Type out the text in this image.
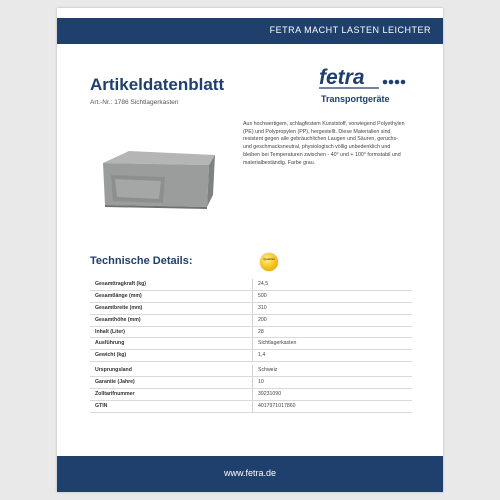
FETRA MACHT LASTEN LEICHTER
Artikeldatenblatt
Art.-Nr.: 1786 Sichtlagerkasten
fetra
Transportgeräte
Aus hochwertigem, schlagfestem Kunststoff, vorwiegend Polyethylen (PE) und Polypropylen (PP), hergestellt. Diese Materialien sind resistent gegen alle gebräuchlichen Laugen und Säuren, geruchs- und geschmacksneutral, physiologisch völlig unbedenklich und bleiben bei Temperaturen zwischen - 40° und + 100° formstabil und materialbeständig. Farbe grau.
Technische Details:	Qualität
Gesamttragkraft (kg)	24,5
Gesamtlänge (mm)	500
Gesamtbreite (mm)	310
Gesamthöhe (mm)	200
Inhalt (Liter)	28
Ausführung	Sichtlagerkasten
Gewicht (kg)	1,4
Ursprungsland	Schweiz
Garantie (Jahre)	10
Zolltarifnummer	39231090
GTIN	4017971017860
www.fetra.de
